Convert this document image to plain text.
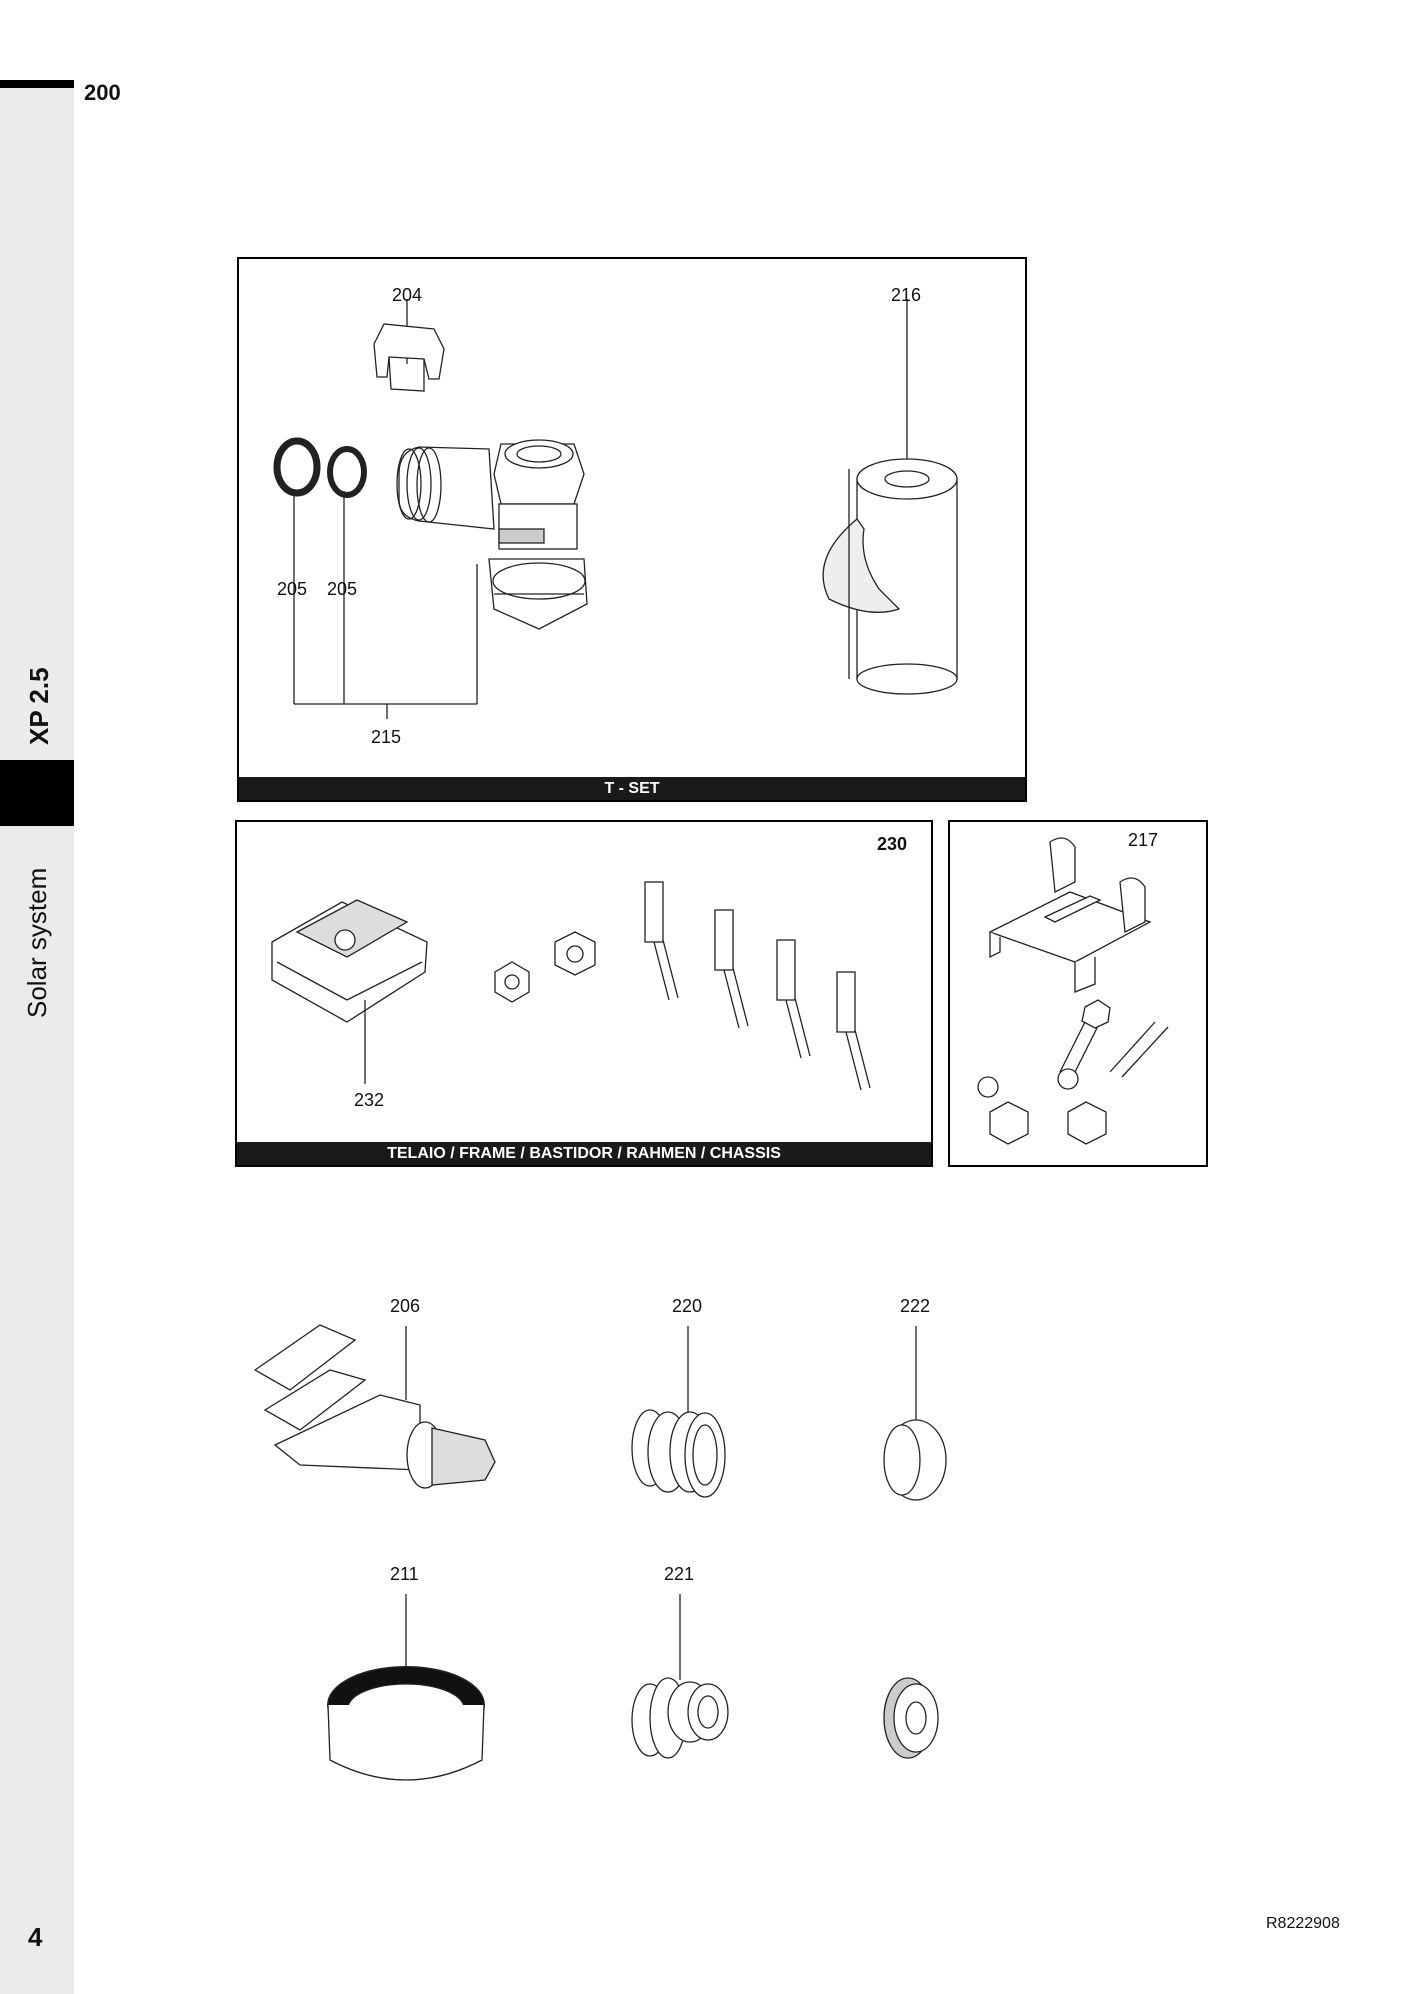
200
XP 2.5
Solar system
204	216
205 205
215
T - SET
230
232
TELAIO / FRAME / BASTIDOR / RAHMEN / CHASSIS
217
206	220	222
211	221
4	R8222908
